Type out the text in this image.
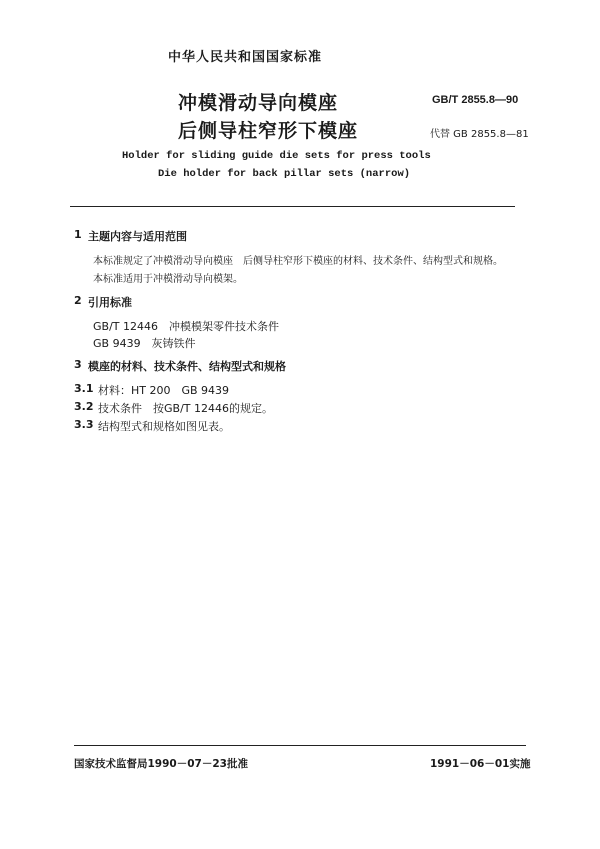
中华人民共和国国家标准
冲模滑动导向模座
后侧导柱窄形下模座
GB/T 2855.8—90
代替 GB 2855.8—81
Holder for sliding guide die sets for press tools
Die holder for back pillar sets (narrow)
1 主题内容与适用范围
本标准规定了冲模滑动导向模座　后侧导柱窄形下模座的材料、技术条件、结构型式和规格。
本标准适用于冲模滑动导向模架。
2 引用标准
GB/T 12446　冲模模架零件技术条件
GB 9439　灰铸铁件
3 模座的材料、技术条件、结构型式和规格
3.1 材料：HT 200　GB 9439
3.2 技术条件　按GB/T 12446的规定。
3.3 结构型式和规格如图见表。
国家技术监督局1990－07－23批准	1991－06－01实施
